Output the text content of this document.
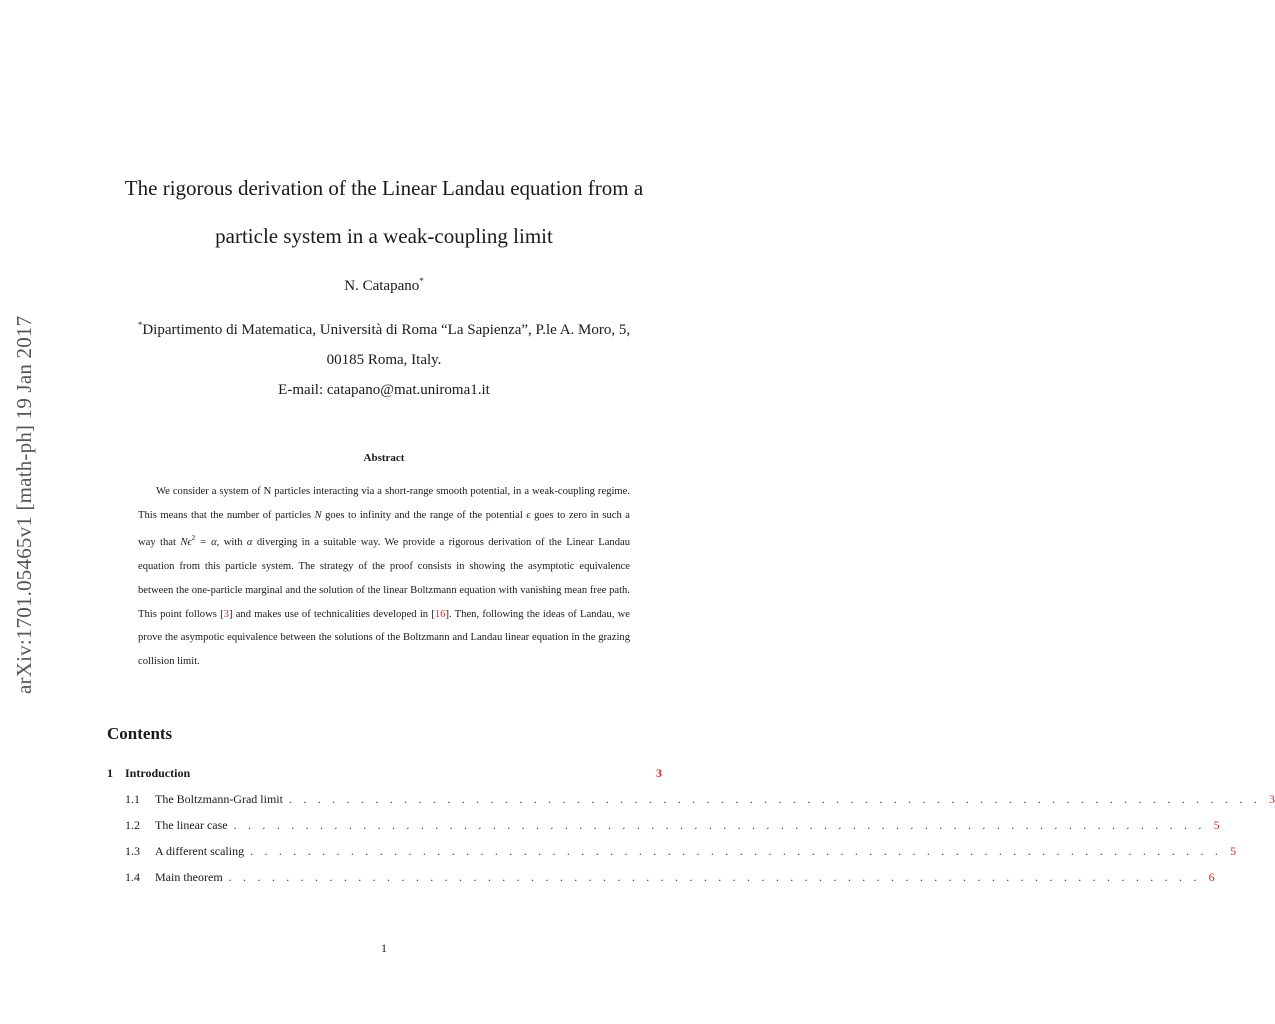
arXiv:1701.05465v1 [math-ph] 19 Jan 2017
The rigorous derivation of the Linear Landau equation from a
particle system in a weak-coupling limit
N. Catapano*
*Dipartimento di Matematica, Università di Roma “La Sapienza”, P.le A. Moro, 5,
00185 Roma, Italy.
E-mail: catapano@mat.uniroma1.it
Abstract
We consider a system of N particles interacting via a short-range smooth potential, in a weak-coupling regime. This means that the number of particles N goes to infinity and the range of the potential ϵ goes to zero in such a way that $N\epsilon^2 = \alpha$, with α diverging in a suitable way. We provide a rigorous derivation of the Linear Landau equation from this particle system. The strategy of the proof consists in showing the asymptotic equivalence between the one-particle marginal and the solution of the linear Boltzmann equation with vanishing mean free path. This point follows [3] and makes use of technicalities developed in [16]. Then, following the ideas of Landau, we prove the asympotic equivalence between the solutions of the Boltzmann and Landau linear equation in the grazing collision limit.
Contents
1	Introduction	3
1.1	The Boltzmann-Grad limit . . . . . . . . . . . . . . . . . . . . . . . . . . . . . . . . . . . . . . . . . . . . . . . . . . . . . . . . . . . . . . . . . . . . 3
1.2	The linear case . . . . . . . . . . . . . . . . . . . . . . . . . . . . . . . . . . . . . . . . . . . . . . . . . . . . . . . . . . . . . . . . . . . . 5
1.3	A different scaling . . . . . . . . . . . . . . . . . . . . . . . . . . . . . . . . . . . . . . . . . . . . . . . . . . . . . . . . . . . . . . . . . . . . 5
1.4	Main theorem . . . . . . . . . . . . . . . . . . . . . . . . . . . . . . . . . . . . . . . . . . . . . . . . . . . . . . . . . . . . . . . . . . . . 6
1
